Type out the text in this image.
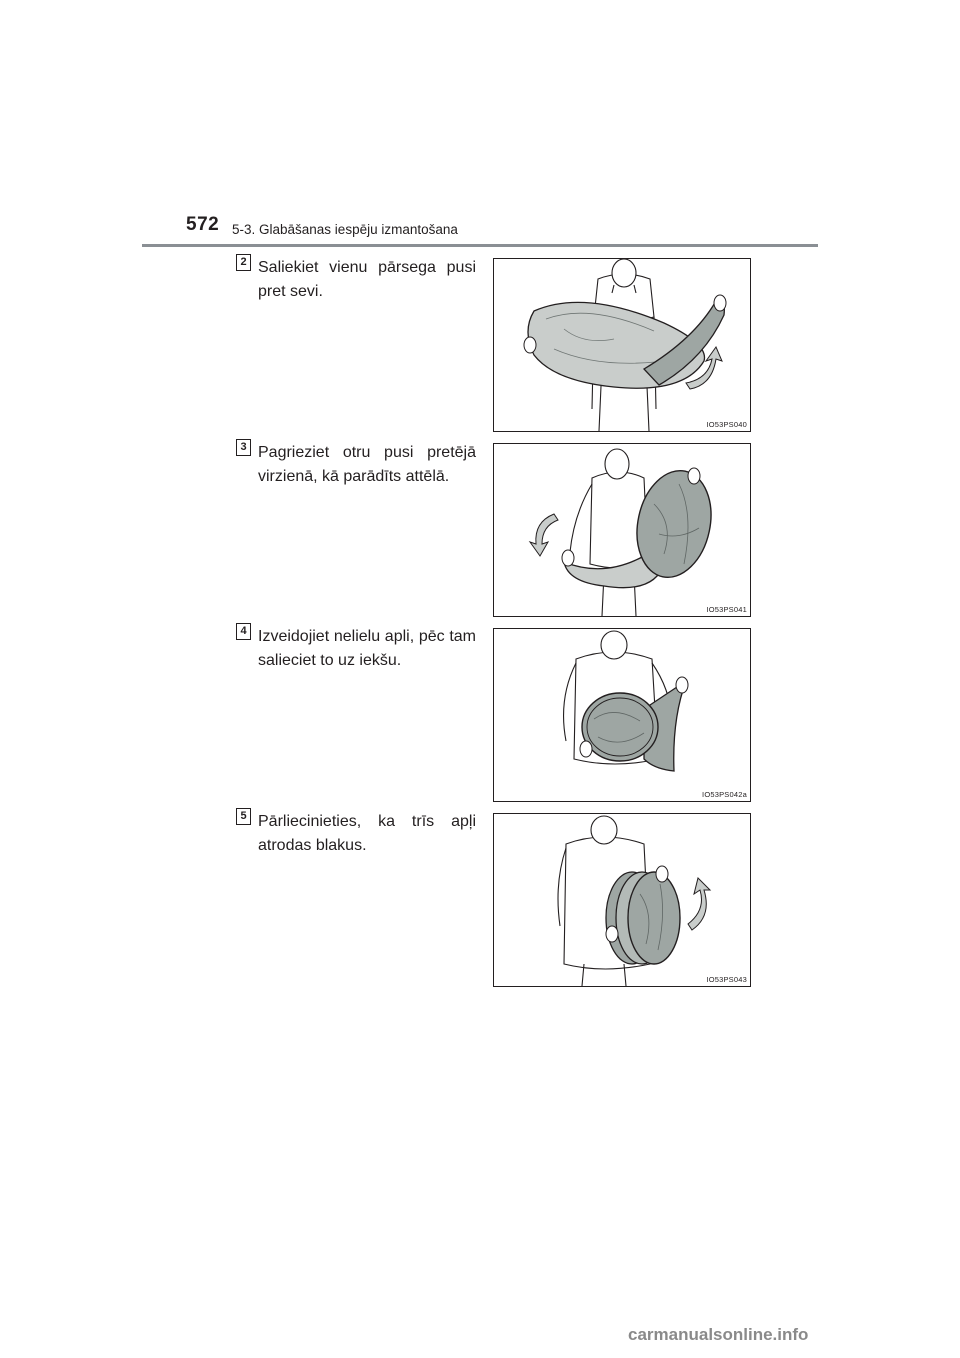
572 5-3. Glabāšanas iespēju izmantošana
2 Saliekiet vienu pārsega pusi pret sevi.
IO53PS040
3 Pagrieziet otru pusi pretējā virzienā, kā parādīts attēlā.
IO53PS041
4 Izveidojiet nelielu apli, pēc tam salieciet to uz iekšu.
IO53PS042a
5 Pārliecinieties, ka trīs apļi atrodas blakus.
IO53PS043
carmanualsonline.info
